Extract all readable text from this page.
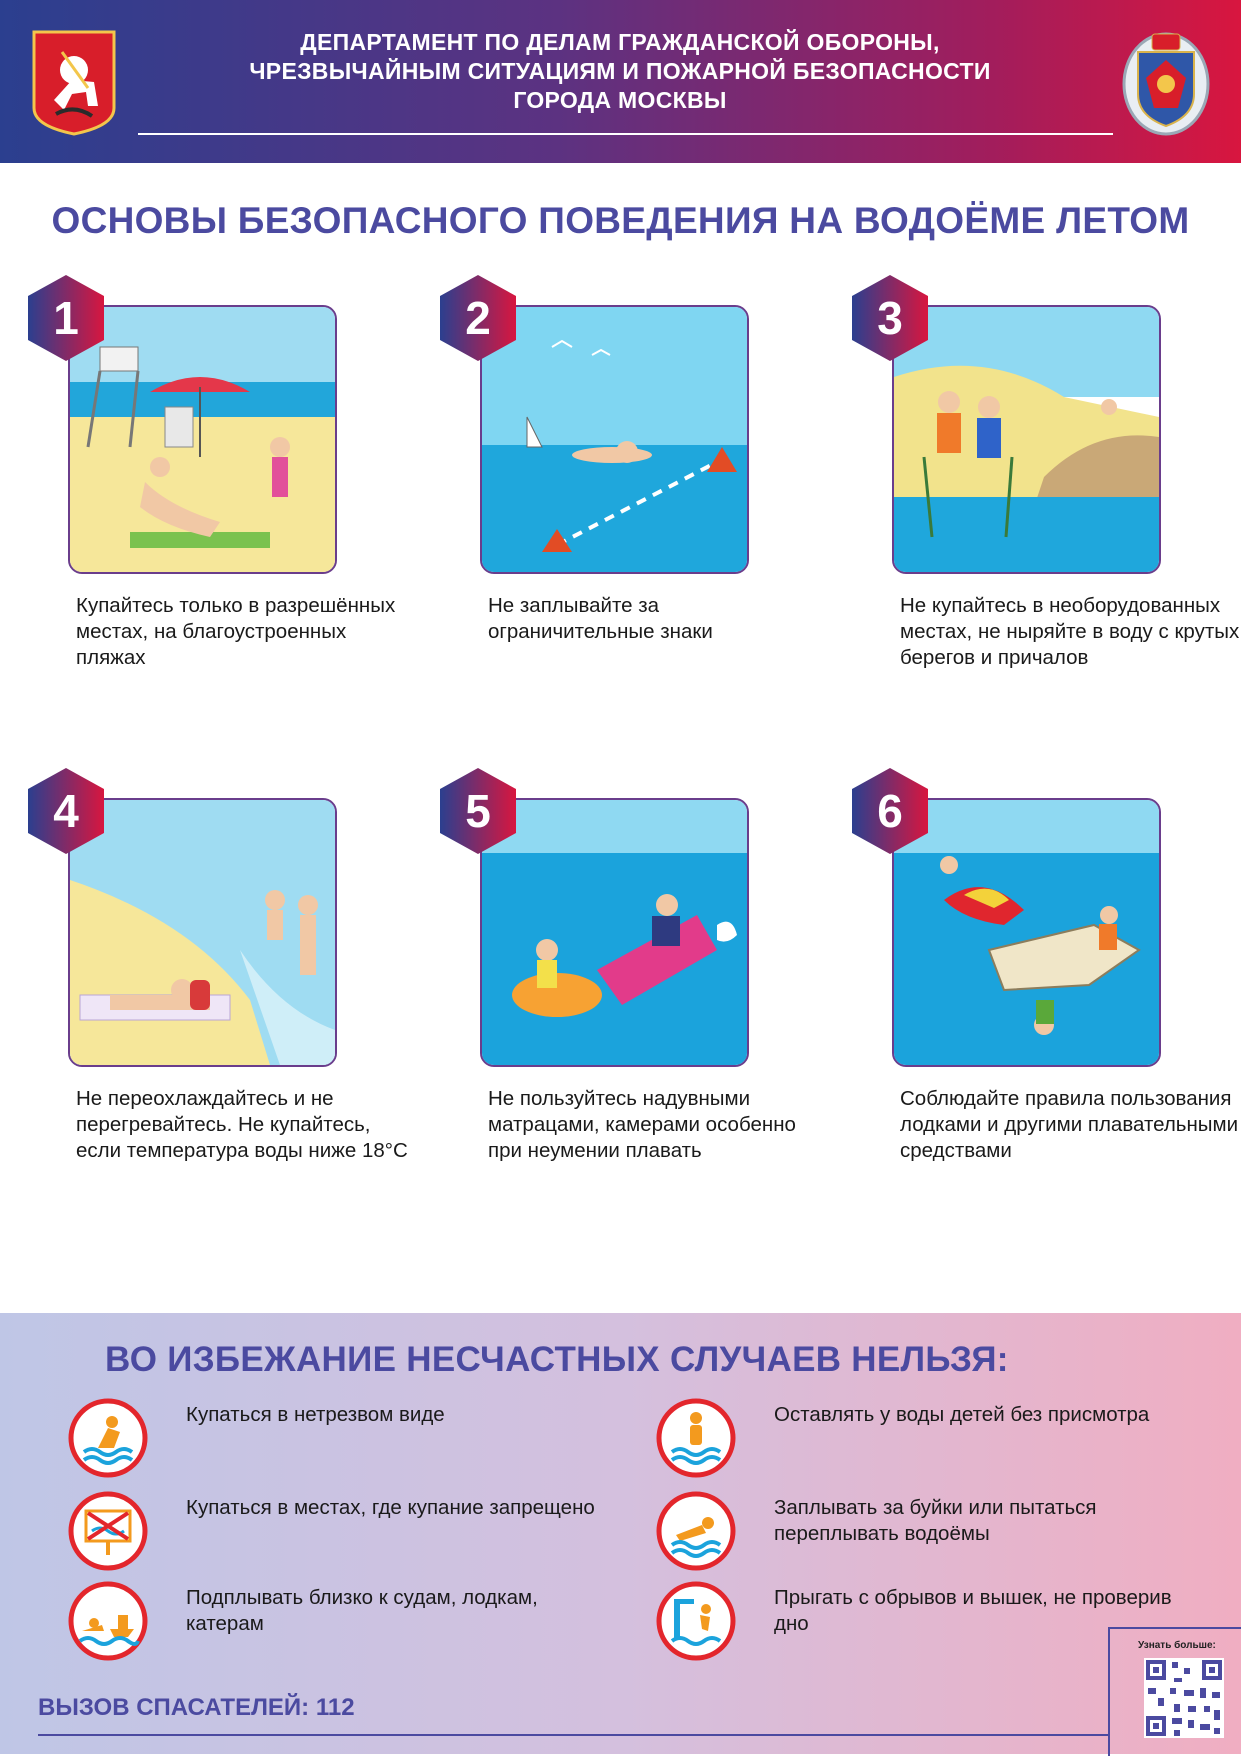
ДЕПАРТАМЕНТ ПО ДЕЛАМ ГРАЖДАНСКОЙ ОБОРОНЫ,
ЧРЕЗВЫЧАЙНЫМ СИТУАЦИЯМ И ПОЖАРНОЙ БЕЗОПАСНОСТИ
ГОРОДА МОСКВЫ
ОСНОВЫ БЕЗОПАСНОГО ПОВЕДЕНИЯ НА ВОДОЁМЕ ЛЕТОМ
1
Купайтесь только в разрешённых местах, на благоустроенных пляжах
2
Не заплывайте за ограничительные знаки
3
Не купайтесь в необорудованных местах, не ныряйте в воду с крутых берегов и причалов
4
Не переохлаждайтесь и не перегревайтесь. Не купайтесь, если температура воды ниже 18°С
5
Не пользуйтесь надувными матрацами, камерами особенно при неумении плавать
6
Соблюдайте правила пользования лодками и другими плавательными средствами
ВО ИЗБЕЖАНИЕ НЕСЧАСТНЫХ СЛУЧАЕВ НЕЛЬЗЯ:
Купаться в нетрезвом виде	Оставлять у воды детей без присмотра
Купаться в местах, где купание запрещено	Заплывать за буйки или пытаться переплывать водоёмы
Подплывать близко к судам, лодкам, катерам
Прыгать с обрывов и вышек, не проверив дно
ВЫЗОВ СПАСАТЕЛЕЙ: 112
Узнать больше:
